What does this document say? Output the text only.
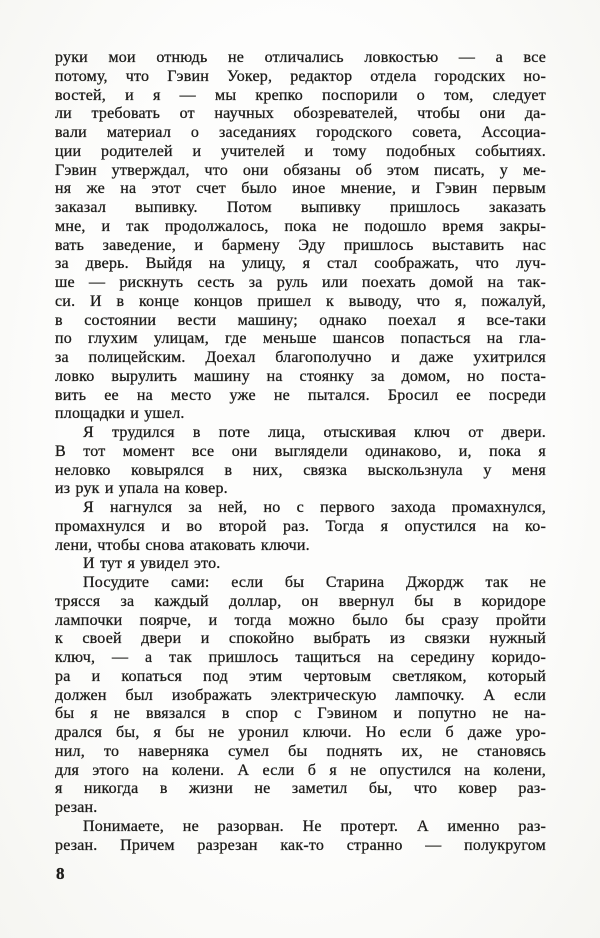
руки мои отнюдь не отличались ловкостью — а все
потому, что Гэвин Уокер, редактор отдела городских но-
востей, и я — мы крепко поспорили о том, следует
ли требовать от научных обозревателей, чтобы они да-
вали материал о заседаниях городского совета, Ассоциа-
ции родителей и учителей и тому подобных событиях.
Гэвин утверждал, что они обязаны об этом писать, у ме-
ня же на этот счет было иное мнение, и Гэвин первым
заказал выпивку. Потом выпивку пришлось заказать
мне, и так продолжалось, пока не подошло время закры-
вать заведение, и бармену Эду пришлось выставить нас
за дверь. Выйдя на улицу, я стал соображать, что луч-
ше — рискнуть сесть за руль или поехать домой на так-
си. И в конце концов пришел к выводу, что я, пожалуй,
в состоянии вести машину; однако поехал я все-таки
по глухим улицам, где меньше шансов попасться на гла-
за полицейским. Доехал благополучно и даже ухитрился
ловко вырулить машину на стоянку за домом, но поста-
вить ее на место уже не пытался. Бросил ее посреди
площадки и ушел.
Я трудился в поте лица, отыскивая ключ от двери.
В тот момент все они выглядели одинаково, и, пока я
неловко ковырялся в них, связка выскользнула у меня
из рук и упала на ковер.
Я нагнулся за ней, но с первого захода промахнулся,
промахнулся и во второй раз. Тогда я опустился на ко-
лени, чтобы снова атаковать ключи.
И тут я увидел это.
Посудите сами: если бы Старина Джордж так не
трясся за каждый доллар, он ввернул бы в коридоре
лампочки поярче, и тогда можно было бы сразу пройти
к своей двери и спокойно выбрать из связки нужный
ключ, — а так пришлось тащиться на середину коридо-
ра и копаться под этим чертовым светляком, который
должен был изображать электрическую лампочку. А если
бы я не ввязался в спор с Гэвином и попутно не на-
дрался бы, я бы не уронил ключи. Но если б даже уро-
нил, то наверняка сумел бы поднять их, не становясь
для этого на колени. А если б я не опустился на колени,
я никогда в жизни не заметил бы, что ковер раз-
резан.
Понимаете, не разорван. Не протерт. А именно раз-
резан. Причем разрезан как-то странно — полукругом
8
